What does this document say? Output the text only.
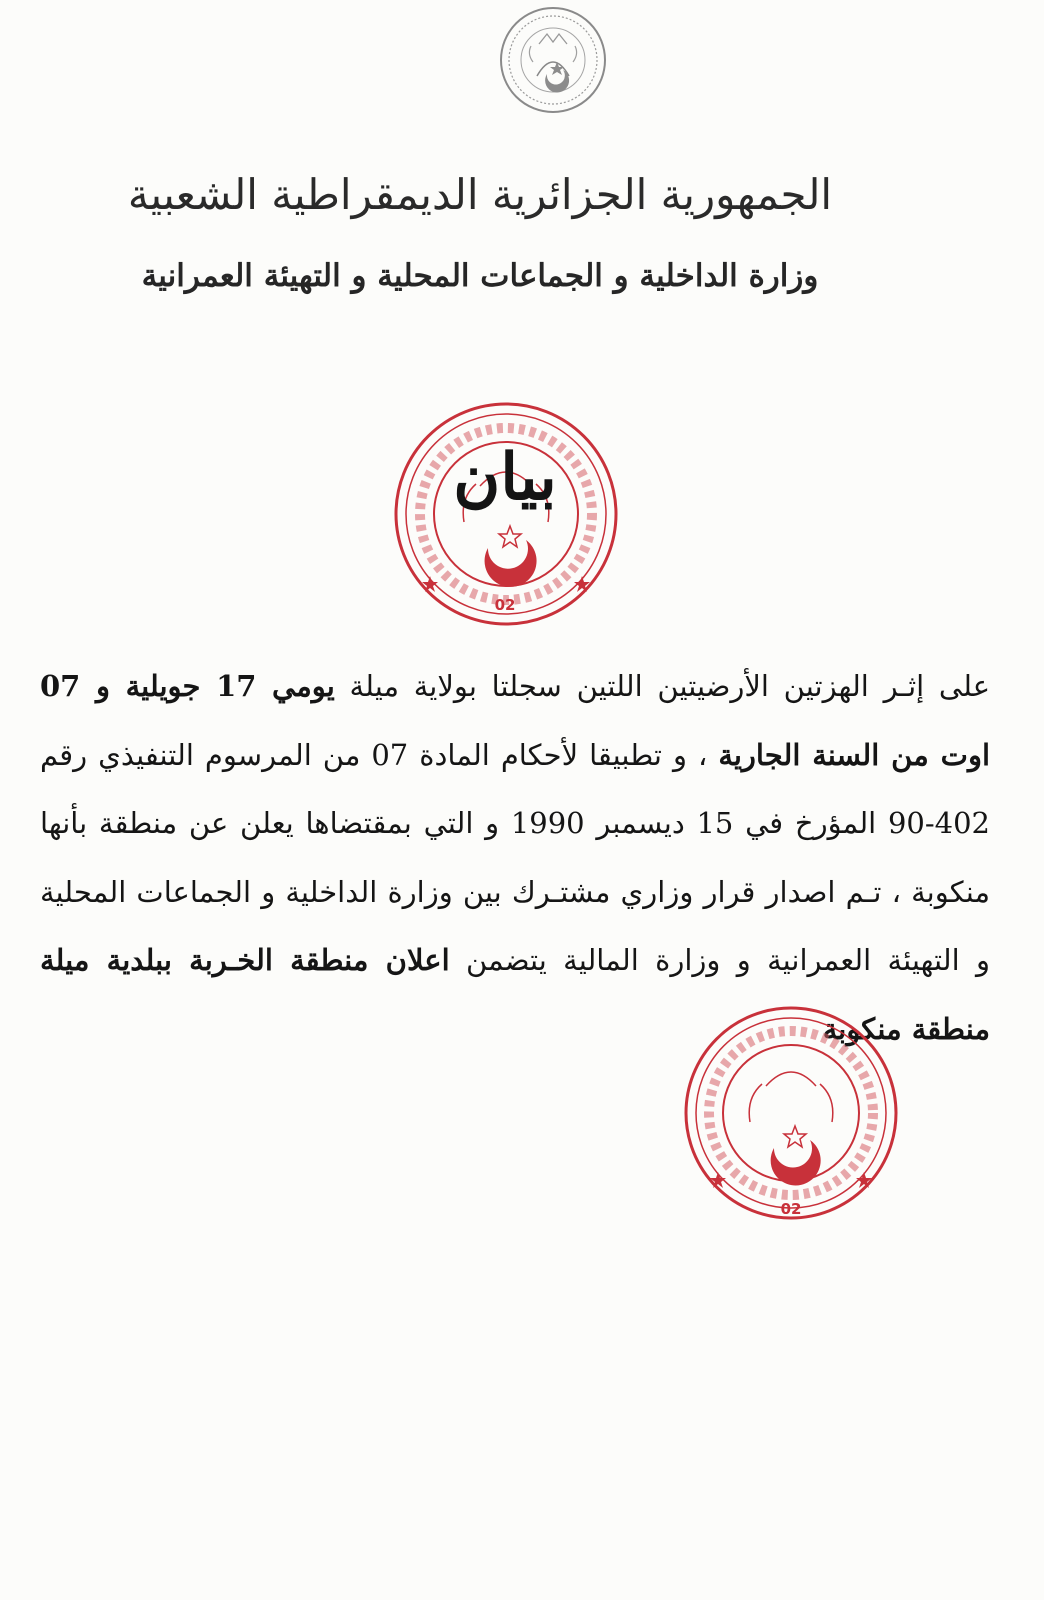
الجمهورية الجزائرية الديمقراطية الشعبية
وزارة الداخلية و الجماعات المحلية و التهيئة العمرانية
بيان
02
على إثـر الهزتين الأرضيتين اللتين سجلتا بولاية ميلة يومي 17 جويلية و 07
اوت من السنة الجارية ، و تطبيقا لأحكام المادة 07 من المرسوم التنفيذي رقم
90-402 المؤرخ في 15 ديسمبر 1990 و التي بمقتضاها يعلن عن منطقة بأنها
منكوبة ، تـم اصدار قرار وزاري مشتـرك بين وزارة الداخلية و الجماعات المحلية
و التهيئة العمرانية و وزارة المالية يتضمن اعلان منطقة الخـربة ببلدية ميلة
منطقة منكوبة
02
